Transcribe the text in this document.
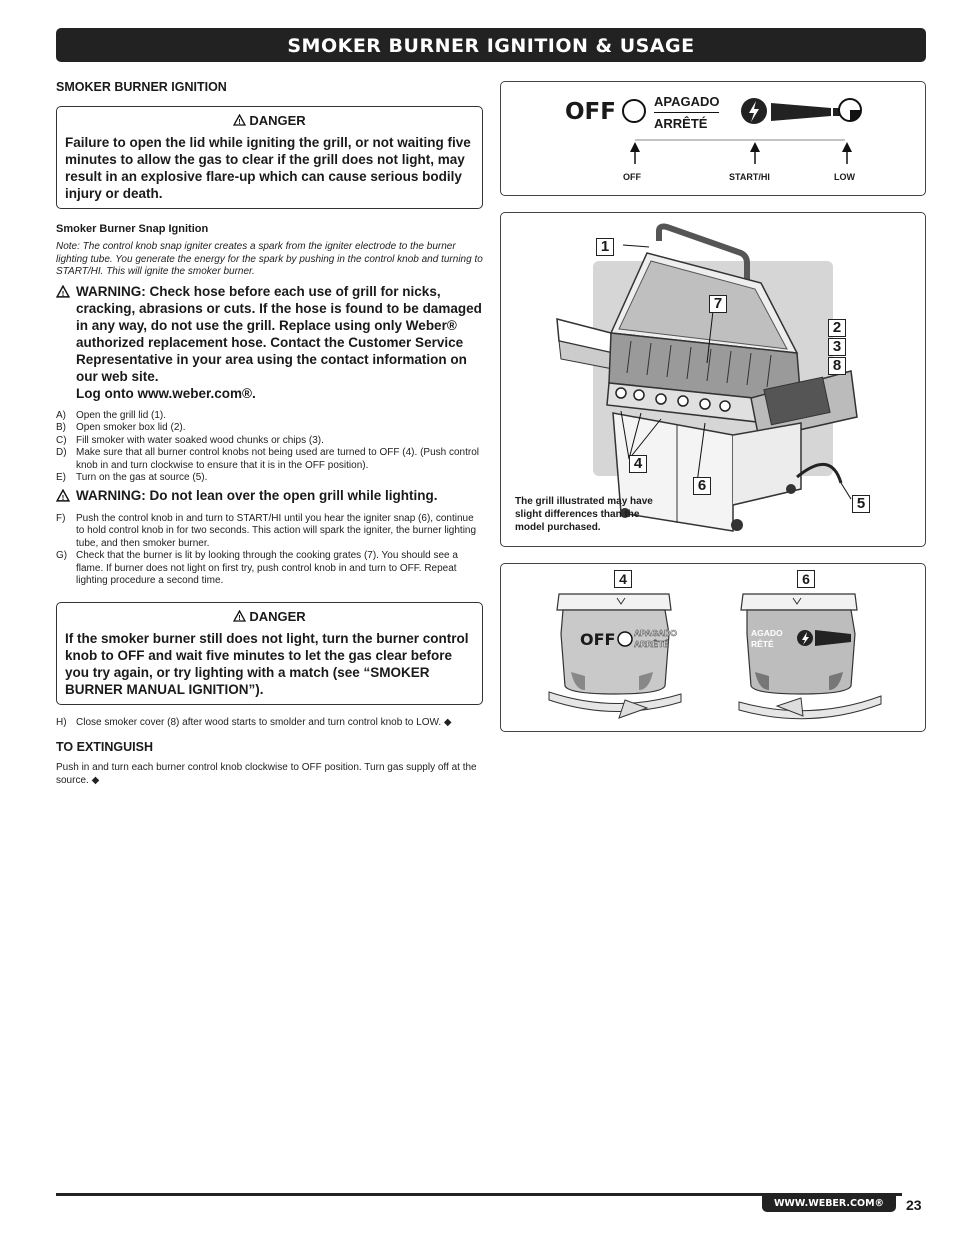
SMOKER BURNER IGNITION & USAGE
SMOKER BURNER IGNITION
! DANGER
Failure to open the lid while igniting the grill, or not waiting five minutes to allow the gas to clear if the grill does not light, may result in an explosive flare-up which can cause serious bodily injury or death.
Smoker Burner Snap Ignition
Note: The control knob snap igniter creates a spark from the igniter electrode to the burner lighting tube. You generate the energy for the spark by pushing in the control knob and turning to START/HI. This will ignite the smoker burner.
! WARNING: Check hose before each use of grill for nicks, cracking, abrasions or cuts. If the hose is found to be damaged in any way, do not use the grill. Replace using only Weber® authorized replacement hose. Contact the Customer Service Representative in your area using the contact information on our web site.
Log onto www.weber.com®.
A)	Open the grill lid (1).
B)	Open smoker box lid (2).
C) Fill smoker with water soaked wood chunks or chips (3).
D) Make sure that all burner control knobs not being used are turned to OFF (4). (Push control knob in and turn clockwise to ensure that it is in the OFF position).
E)	Turn on the gas at source (5).
! WARNING: Do not lean over the open grill while lighting.
F)	Push the control knob in and turn to START/HI until you hear the igniter snap (6), continue to hold control knob in for two seconds. This action will spark the igniter, the burner lighting tube, and then smoker burner.
G) Check that the burner is lit by looking through the cooking grates (7). You should see a flame. If burner does not light on first try, push control knob in and turn to OFF. Repeat lighting procedure a second time.
! DANGER
If the smoker burner still does not light, turn the burner control knob to OFF and wait five minutes to let the gas clear before you try again, or try lighting with a match (see “SMOKER BURNER MANUAL IGNITION”).
H) Close smoker cover (8) after wood starts to smolder and turn control knob to LOW. ◆
TO EXTINGUISH
Push in and turn each burner control knob clockwise to OFF position. Turn gas supply off at the source. ◆
OFF	APAGADO
ARRÊTÉ
OFF	START/HI	LOW
1
7
2
3
8
4
6
5
The grill illustrated may have slight differences than the model purchased.
4	6
OFF APAGADO
ARRÊTÉ
AGADO
RÊTÉ
WWW.WEBER.COM®	23
